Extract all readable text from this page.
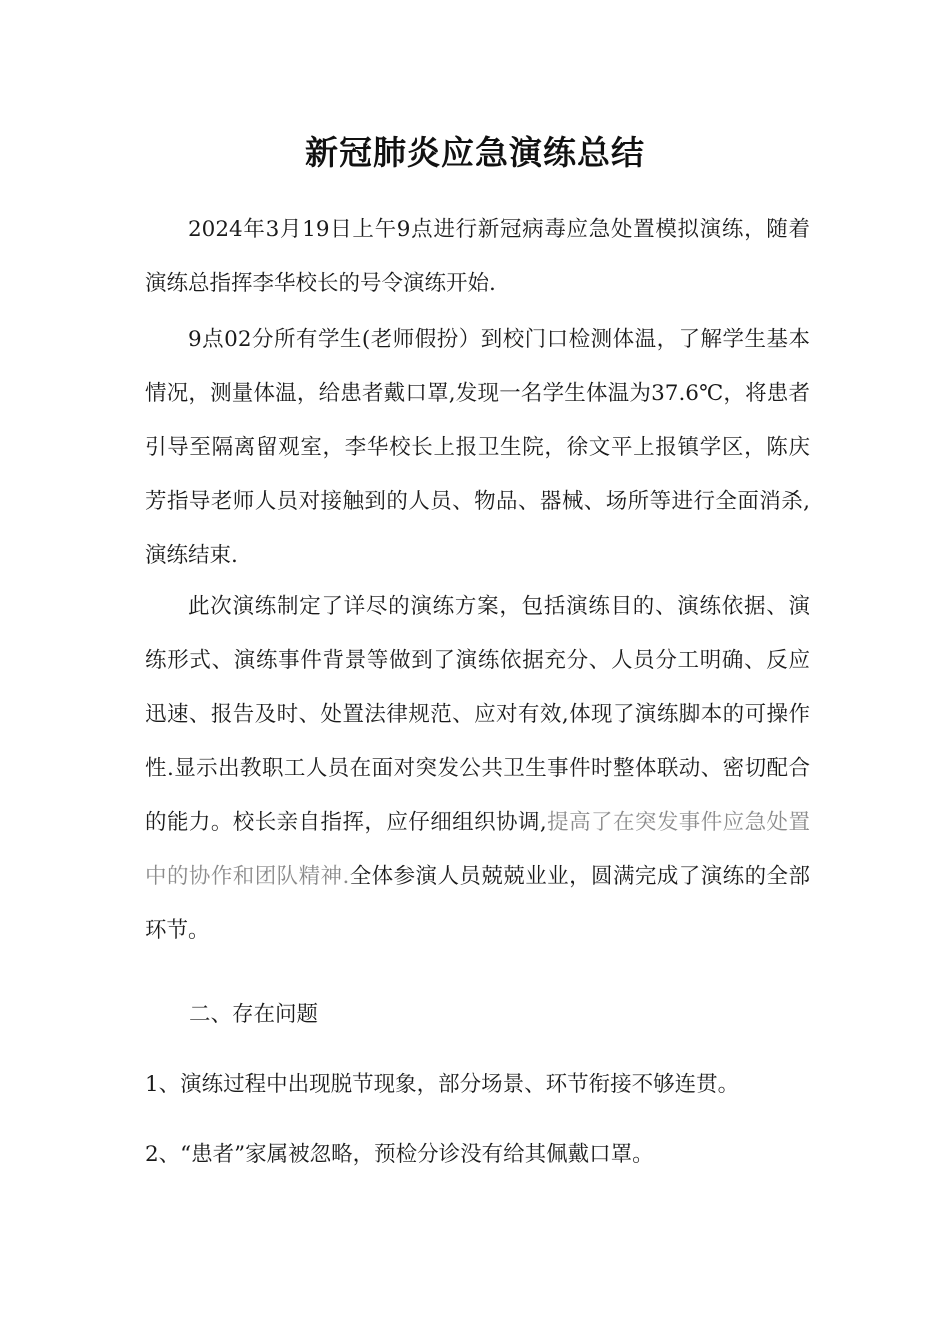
新冠肺炎应急演练总结
2024年3月19日上午9点进行新冠病毒应急处置模拟演练，随着演练总指挥李华校长的号令演练开始.
9点02分所有学生(老师假扮）到校门口检测体温，了解学生基本情况，测量体温，给患者戴口罩,发现一名学生体温为37.6℃，将患者引导至隔离留观室，李华校长上报卫生院，徐文平上报镇学区，陈庆芳指导老师人员对接触到的人员、物品、器械、场所等进行全面消杀,演练结束.
此次演练制定了详尽的演练方案，包括演练目的、演练依据、演练形式、演练事件背景等做到了演练依据充分、人员分工明确、反应迅速、报告及时、处置法律规范、应对有效,体现了演练脚本的可操作性.显示出教职工人员在面对突发公共卫生事件时整体联动、密切配合的能力。校长亲自指挥，应仔细组织协调,提高了在突发事件应急处置中的协作和团队精神.全体参演人员兢兢业业，圆满完成了演练的全部环节。
二、存在问题
1、演练过程中出现脱节现象，部分场景、环节衔接不够连贯。
2、“患者”家属被忽略，预检分诊没有给其佩戴口罩。
